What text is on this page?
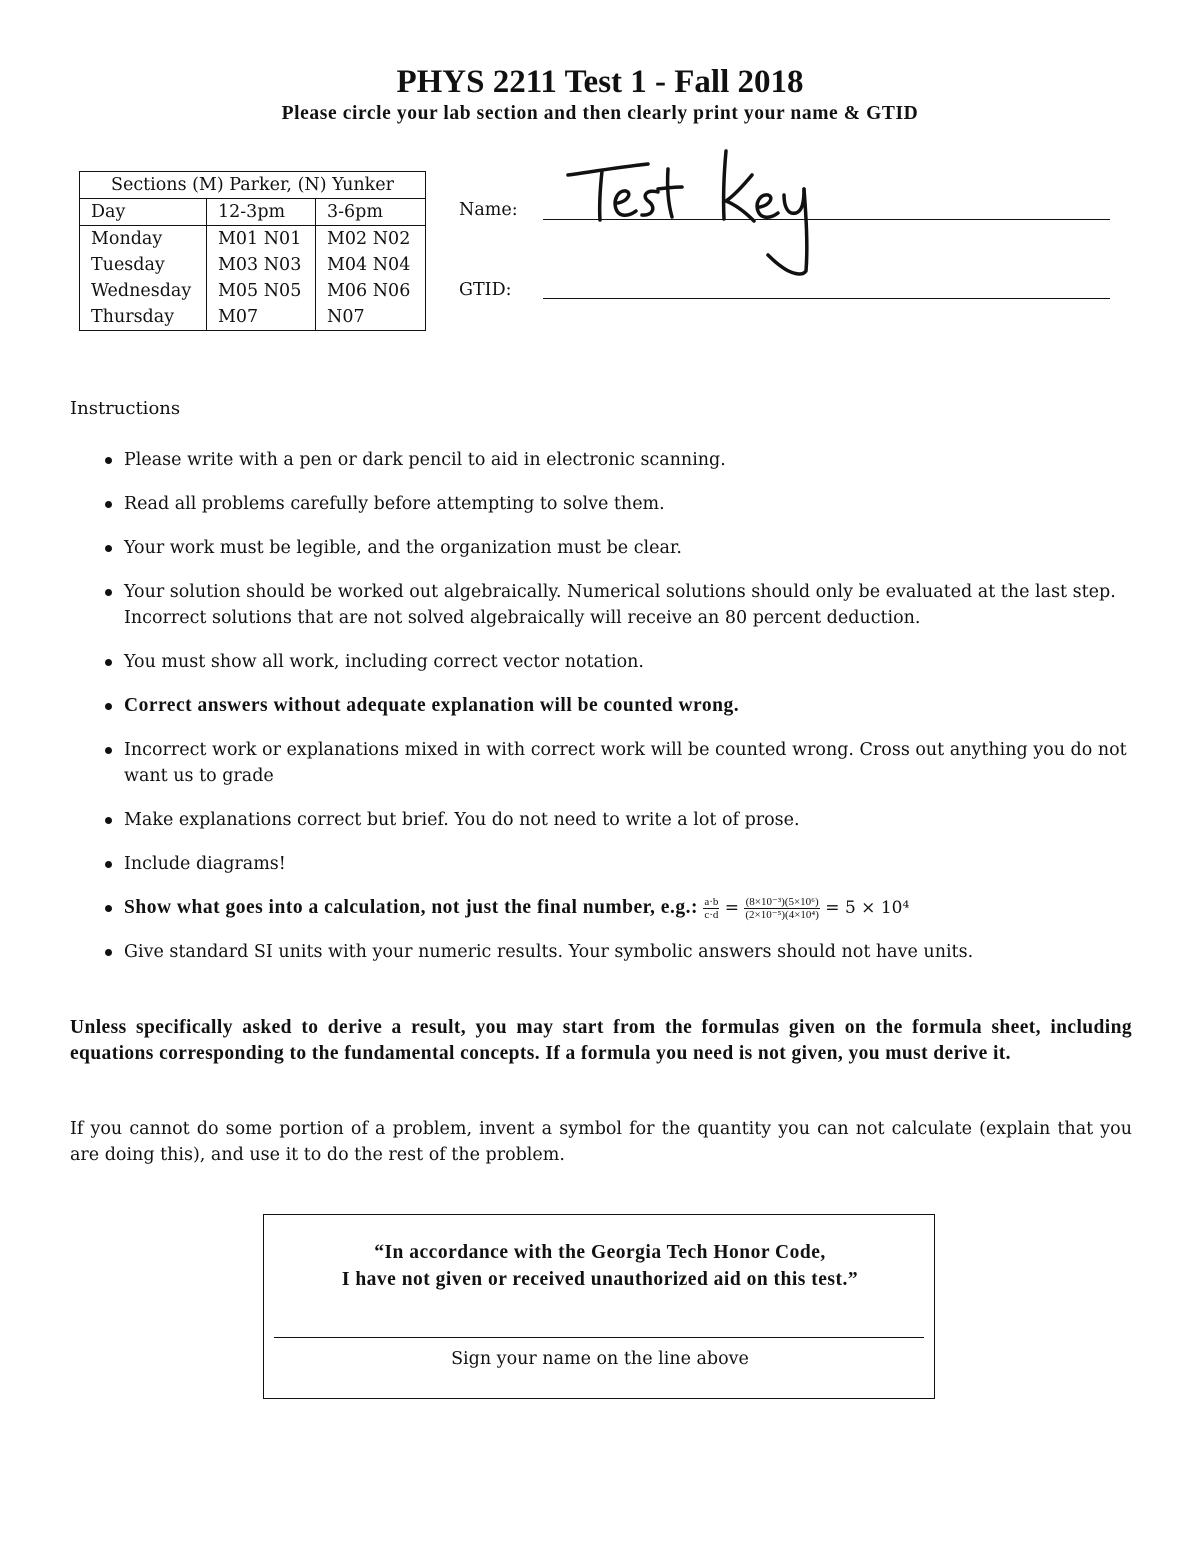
PHYS 2211 Test 1 - Fall 2018
Please circle your lab section and then clearly print your name & GTID
Sections (M) Parker, (N) Yunker		
Day	12-3pm	3-6pm
Monday	M01 N01	M02 N02
Tuesday	M03 N03	M04 N04
Wednesday	M05 N05	M06 N06
Thursday	M07	N07
Name:
GTID:
Instructions
Please write with a pen or dark pencil to aid in electronic scanning.
Read all problems carefully before attempting to solve them.
Your work must be legible, and the organization must be clear.
Your solution should be worked out algebraically. Numerical solutions should only be evaluated at the last step. Incorrect solutions that are not solved algebraically will receive an 80 percent deduction.
You must show all work, including correct vector notation.
Correct answers without adequate explanation will be counted wrong.
Incorrect work or explanations mixed in with correct work will be counted wrong. Cross out anything you do not want us to grade
Make explanations correct but brief. You do not need to write a lot of prose.
Include diagrams!
Show what goes into a calculation, not just the final number, e.g.: $\frac{a\cdot b}{c\cdot d} = \frac{\text{(8×10⁻³)(5×10⁶)}}{\text{(2×10⁻⁵)(4×10⁴)}} = 5 \times 10^4$
Give standard SI units with your numeric results. Your symbolic answers should not have units.

Unless specifically asked to derive a result, you may start from the formulas given on the formula sheet, including equations corresponding to the fundamental concepts. If a formula you need is not given, you must derive it.

If you cannot do some portion of a problem, invent a symbol for the quantity you can not calculate (explain that you are doing this), and use it to do the rest of the problem.

“In accordance with the Georgia Tech Honor Code,
I have not given or received unauthorized aid on this test.”
Sign your name on the line above
